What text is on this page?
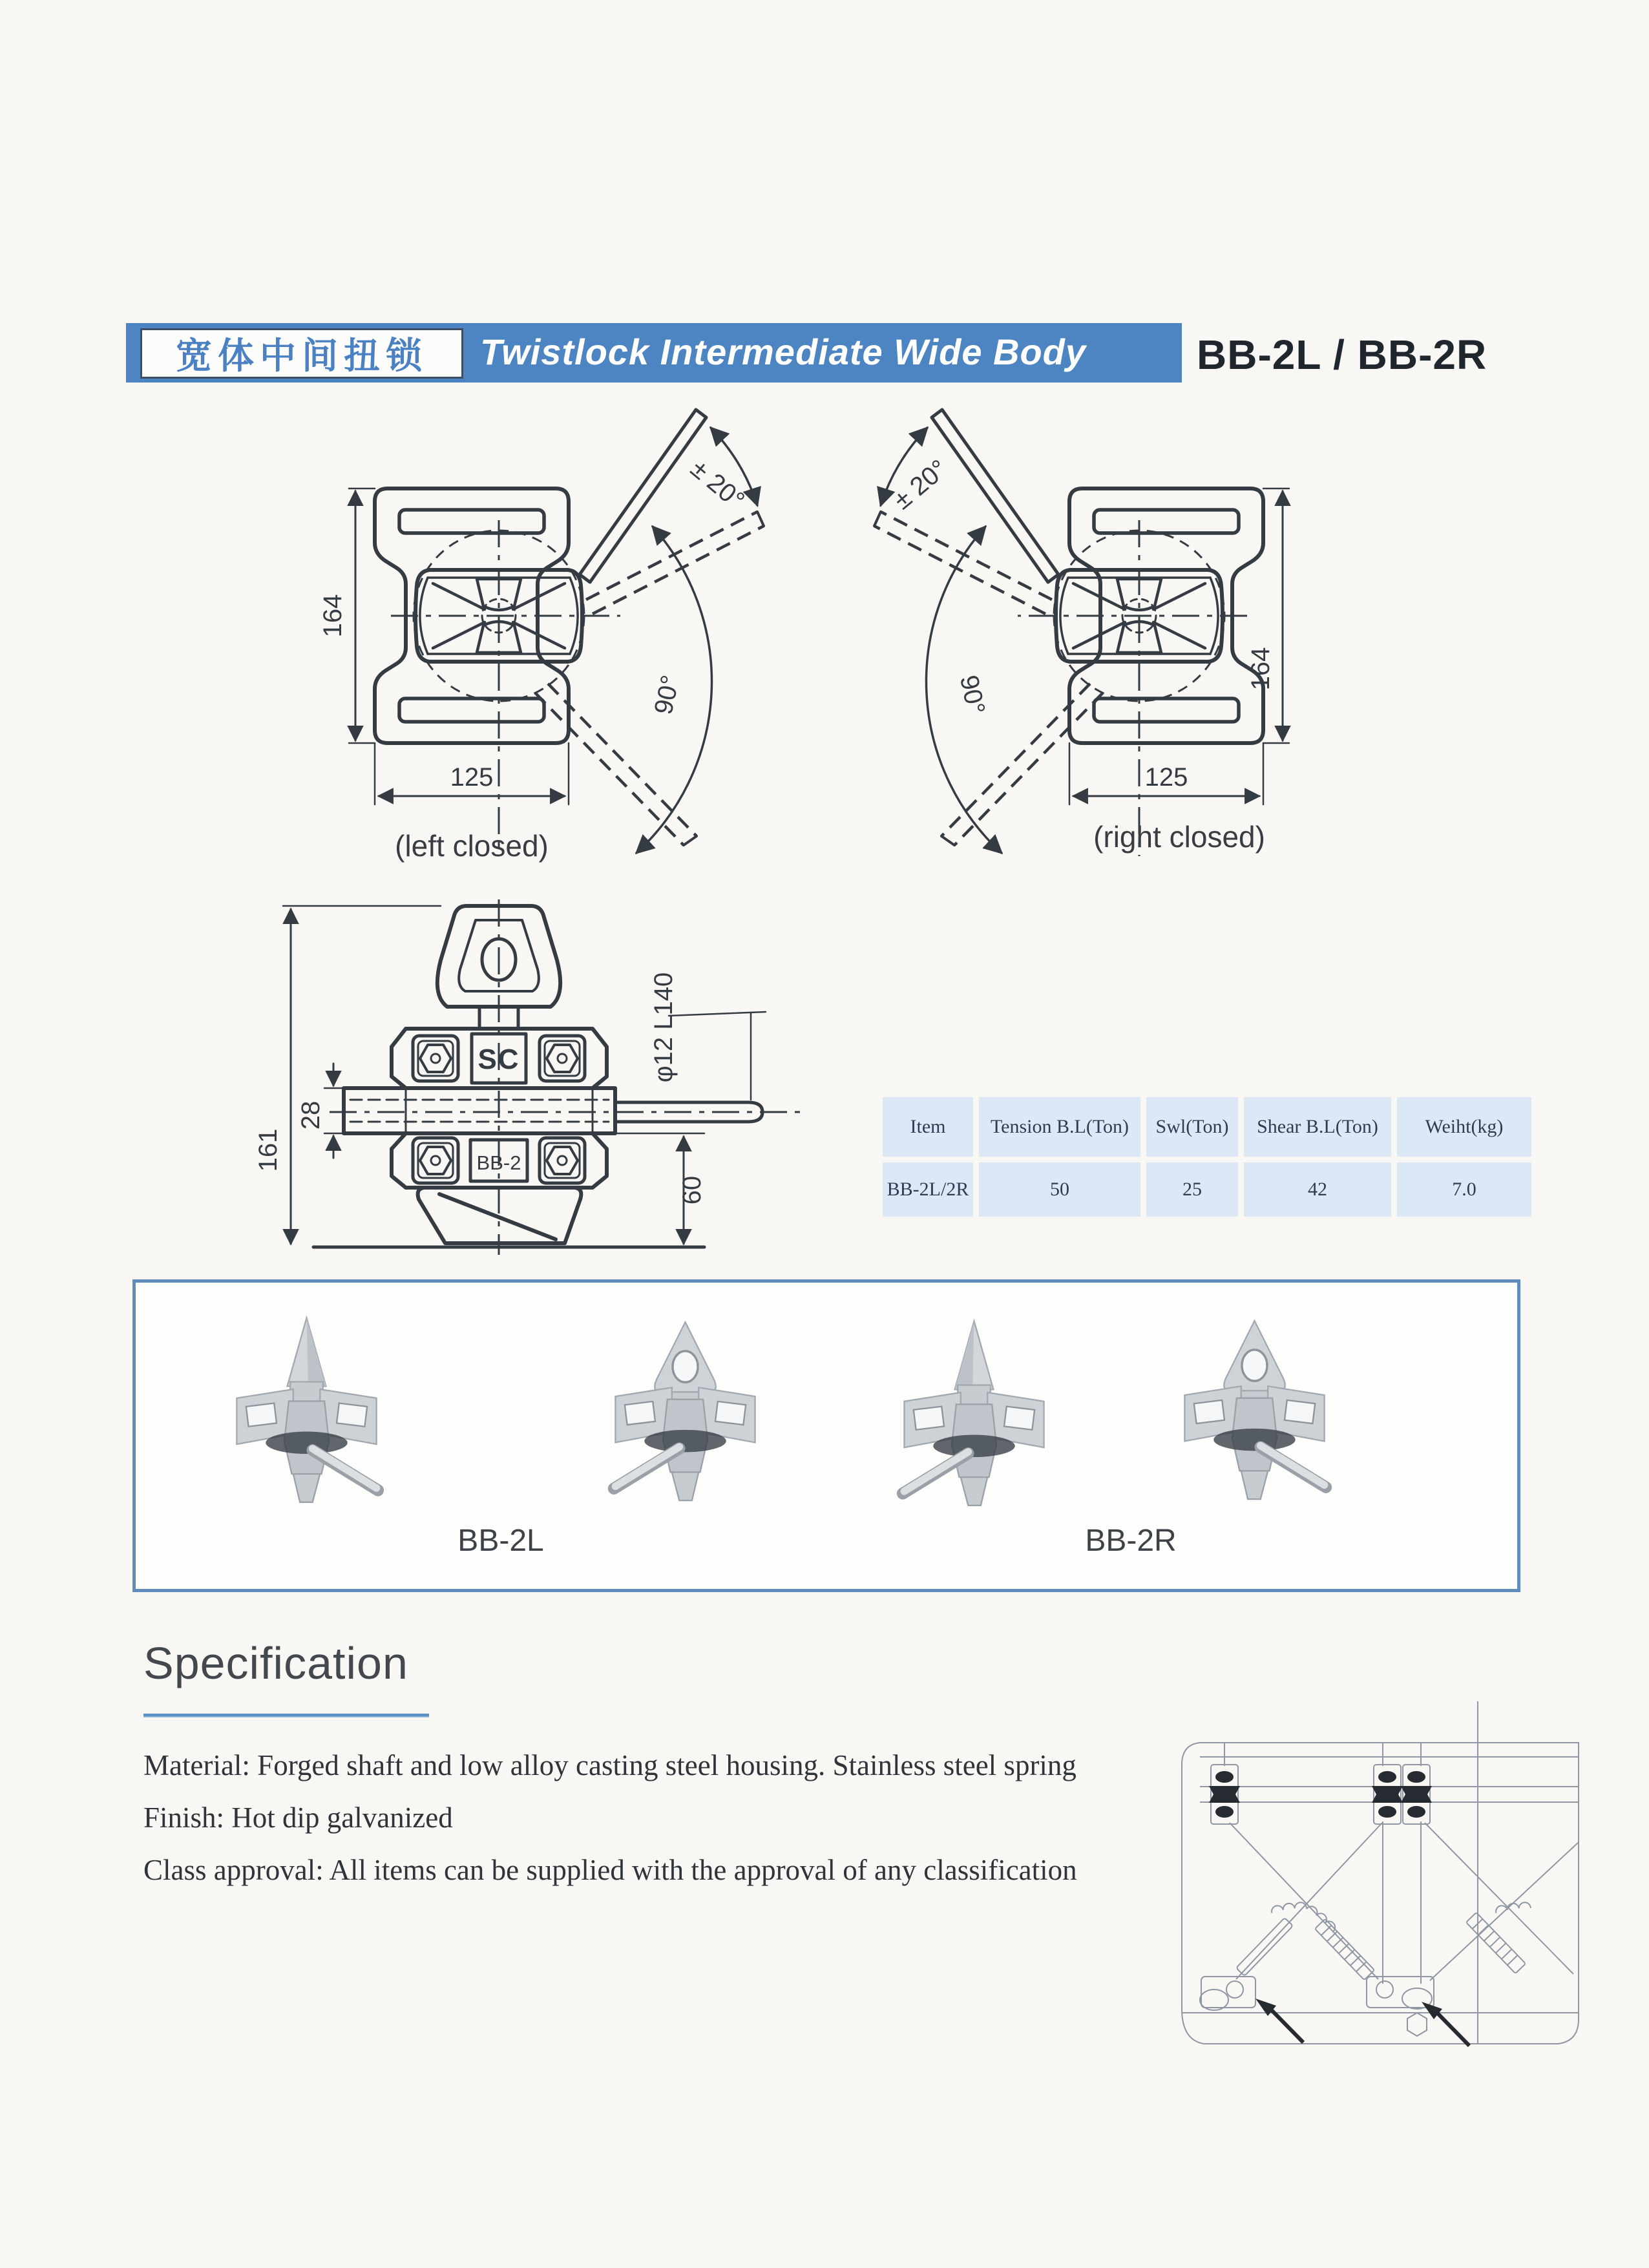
宽体中间扭锁 Twistlock Intermediate Wide Body	BB-2L / BB-2R
164
125
90°
± 20°
(left closed)
164
125
90°
± 20°
(right closed)
SC
BB-2
161
28
60
φ12 L140
Item	Tension B.L(Ton)	Swl(Ton)	Shear B.L(Ton)	Weiht(kg)
BB-2L/2R	50	25	42	7.0
BB-2L	BB-2R
Specification
Material: Forged shaft and low alloy casting steel housing. Stainless steel spring
Finish: Hot dip galvanized
Class approval: All items can be supplied with the approval of any classification
